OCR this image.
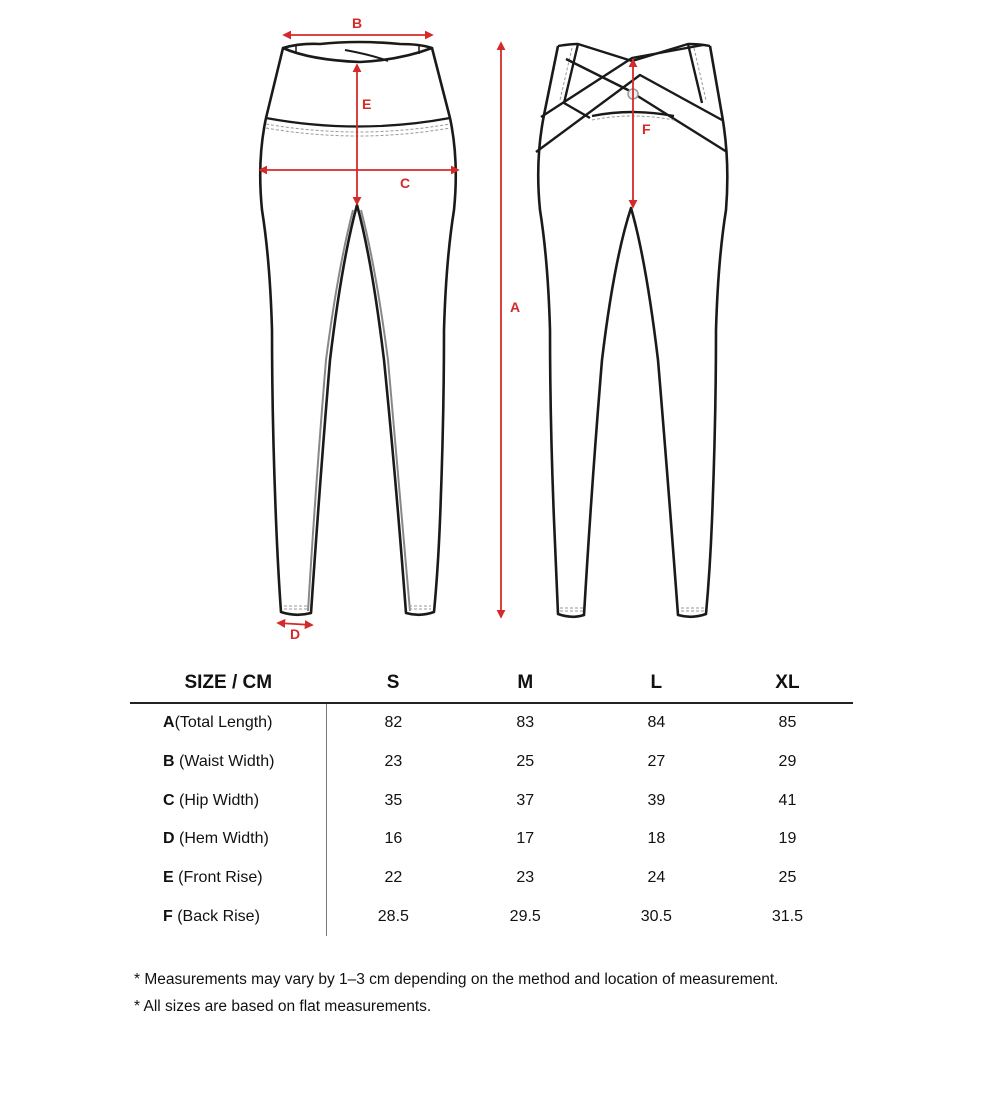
B
E
C
D
A
F
SIZE / CM	S	M	L	XL
A(Total Length)	82	83	84	85
B (Waist Width)	23	25	27	29
C (Hip Width)	35	37	39	41
D (Hem Width)	16	17	18	19
E (Front Rise)	22	23	24	25
F (Back Rise)	28.5	29.5	30.5	31.5
* Measurements may vary by 1–3 cm depending on the method and location of measurement.
* All sizes are based on flat measurements.
